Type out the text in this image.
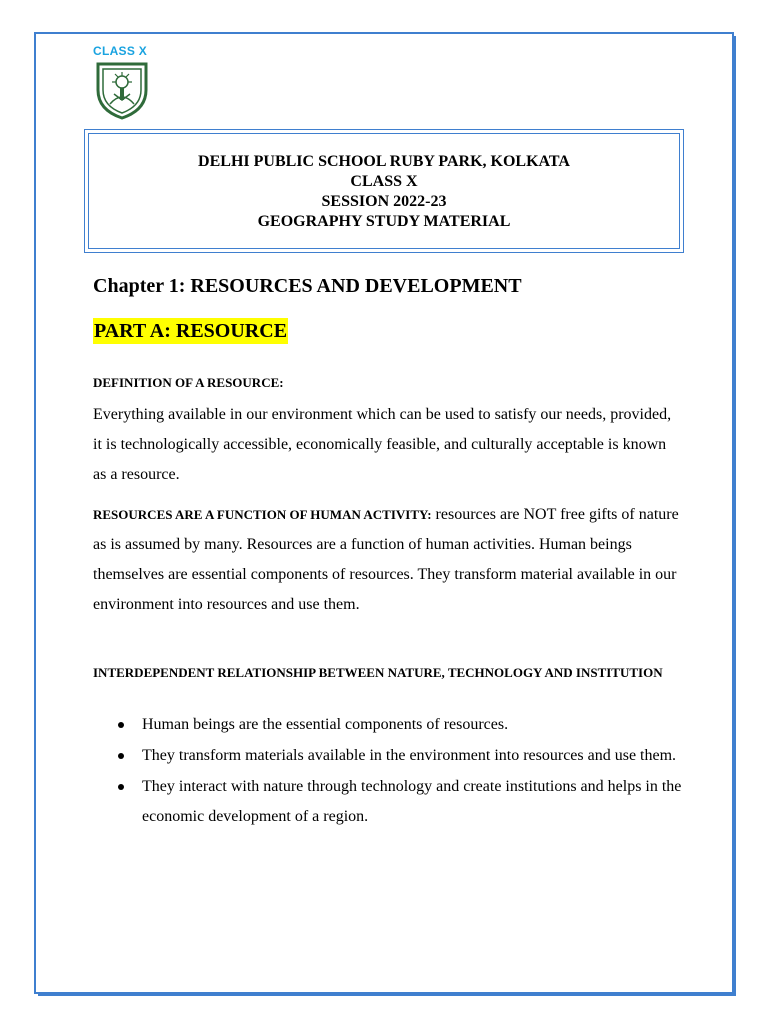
CLASS X
DELHI PUBLIC SCHOOL RUBY PARK, KOLKATA
CLASS X
SESSION 2022-23
GEOGRAPHY STUDY MATERIAL
Chapter 1: RESOURCES AND DEVELOPMENT
PART A: RESOURCE
DEFINITION OF A RESOURCE:
Everything available in our environment which can be used to satisfy our needs, provided, it is technologically accessible, economically feasible, and culturally acceptable is known as a resource.
RESOURCES ARE A FUNCTION OF HUMAN ACTIVITY: resources are NOT free gifts of nature as is assumed by many. Resources are a function of human activities. Human beings themselves are essential components of resources. They transform material available in our environment into resources and use them.
INTERDEPENDENT RELATIONSHIP BETWEEN NATURE, TECHNOLOGY AND INSTITUTION
Human beings are the essential components of resources.
They transform materials available in the environment into resources and use them.
They interact with nature through technology and create institutions and helps in the economic development of a region.
